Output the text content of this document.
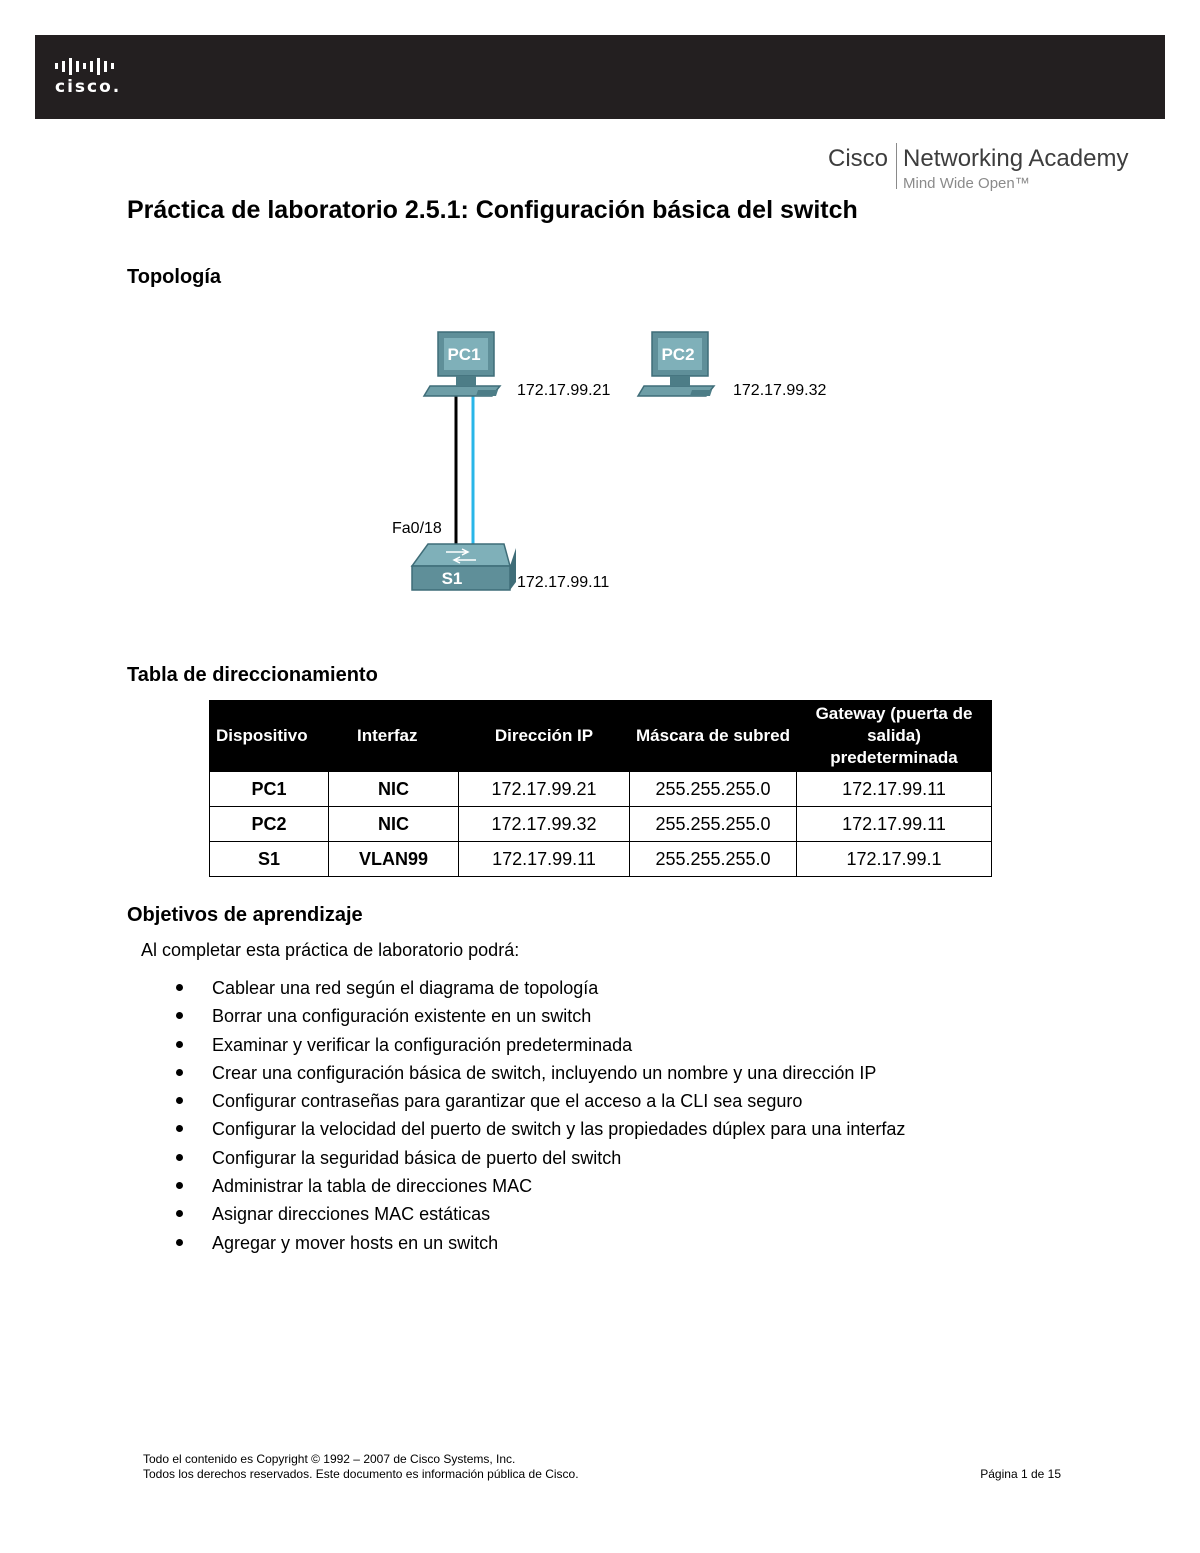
cisco.
Cisco Networking Academy
Mind Wide Open™
Práctica de laboratorio 2.5.1: Configuración básica del switch
Topología
PC1
172.17.99.21
PC2
172.17.99.32
S1	172.17.99.11
Fa0/18
Tabla de direccionamiento
Dispositivo	Interfaz	Dirección IP	Máscara de subred	Gateway (puerta de salida) predeterminada
PC1	NIC	172.17.99.21	255.255.255.0	172.17.99.11
PC2	NIC	172.17.99.32	255.255.255.0	172.17.99.11
S1	VLAN99	172.17.99.11	255.255.255.0	172.17.99.1
Objetivos de aprendizaje

Al completar esta práctica de laboratorio podrá:

Cablear una red según el diagrama de topología
Borrar una configuración existente en un switch
Examinar y verificar la configuración predeterminada
Crear una configuración básica de switch, incluyendo un nombre y una dirección IP
Configurar contraseñas para garantizar que el acceso a la CLI sea seguro
Configurar la velocidad del puerto de switch y las propiedades dúplex para una interfaz
Configurar la seguridad básica de puerto del switch
Administrar la tabla de direcciones MAC
Asignar direcciones MAC estáticas
Agregar y mover hosts en un switch
Todo el contenido es Copyright © 1992 – 2007 de Cisco Systems, Inc.
Todos los derechos reservados. Este documento es información pública de Cisco.	Página 1 de 15
